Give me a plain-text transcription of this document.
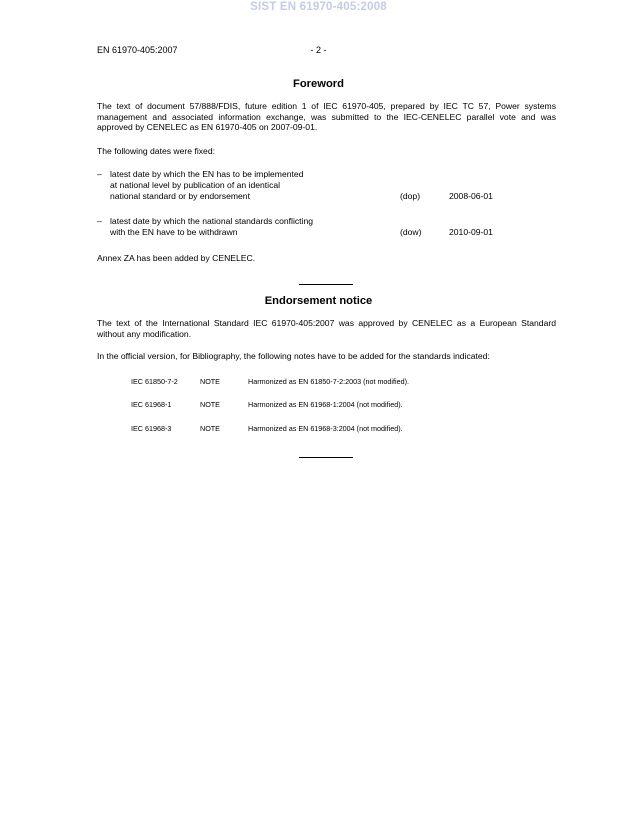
SIST EN 61970-405:2008
EN 61970-405:2007	- 2 -
Foreword
The text of document 57/888/FDIS, future edition 1 of IEC 61970-405, prepared by IEC TC 57, Power systems management and associated information exchange, was submitted to the IEC-CENELEC parallel vote and was approved by CENELEC as EN 61970-405 on 2007-09-01.
The following dates were fixed:
– latest date by which the EN has to be implemented
at national level by publication of an identical
national standard or by endorsement	(dop)	2008-06-01
– latest date by which the national standards conflicting
with the EN have to be withdrawn	(dow)	2010-09-01
Annex ZA has been added by CENELEC.
Endorsement notice
The text of the International Standard IEC 61970-405:2007 was approved by CENELEC as a European Standard without any modification.
In the official version, for Bibliography, the following notes have to be added for the standards indicated:
IEC 61850-7-2	NOTE	Harmonized as EN 61850-7-2:2003 (not modified).
IEC 61968-1	NOTE	Harmonized as EN 61968-1:2004 (not modified).
IEC 61968-3	NOTE	Harmonized as EN 61968-3:2004 (not modified).
